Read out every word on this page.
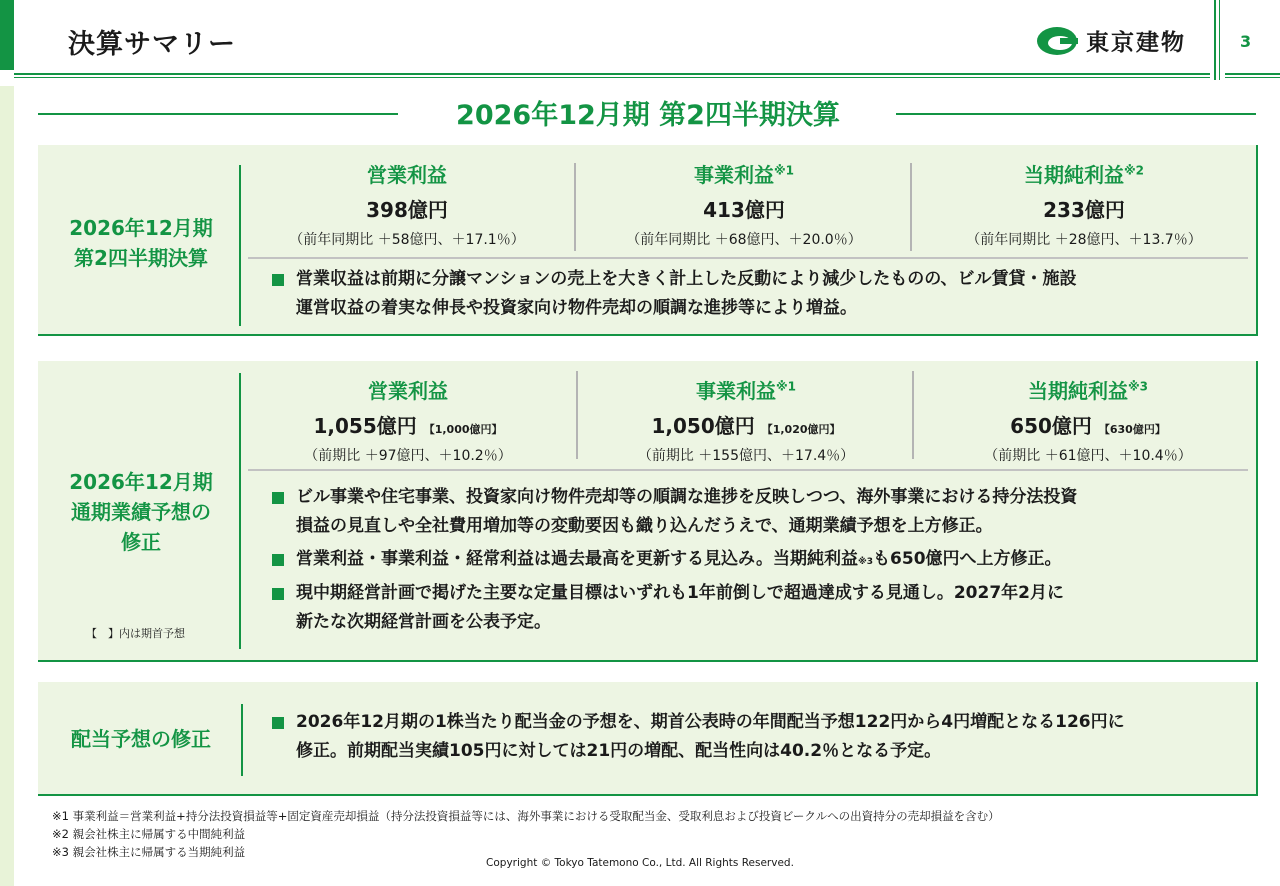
決算サマリー	東京建物	3
2026年12月期 第2四半期決算
2026年12月期
第2四半期決算
営業利益
398億円
（前年同期比 ＋58億円、＋17.1％）
事業利益$^{※1}$
413億円
（前年同期比 ＋68億円、＋20.0％）
当期純利益$^{※2}$
233億円
（前年同期比 ＋28億円、＋13.7％）
営業収益は前期に分譲マンションの売上を大きく計上した反動により減少したものの、ビル賃貸・施設
運営収益の着実な伸長や投資家向け物件売却の順調な進捗等により増益。
2026年12月期
通期業績予想の
修正
【　】内は期首予想
営業利益
1,055億円 【1,000億円】
（前期比 ＋97億円、＋10.2％）
事業利益$^{※1}$
1,050億円 【1,020億円】
（前期比 ＋155億円、＋17.4％）
当期純利益$^{※3}$
650億円 【630億円】
（前期比 ＋61億円、＋10.4％）
ビル事業や住宅事業、投資家向け物件売却等の順調な進捗を反映しつつ、海外事業における持分法投資
損益の見直しや全社費用増加等の変動要因も織り込んだうえで、通期業績予想を上方修正。
営業利益・事業利益・経常利益は過去最高を更新する見込み。当期純利益※3も650億円へ上方修正。
現中期経営計画で掲げた主要な定量目標はいずれも1年前倒しで超過達成する見通し。2027年2月に
新たな次期経営計画を公表予定。
配当予想の修正
2026年12月期の1株当たり配当金の予想を、期首公表時の年間配当予想122円から4円増配となる126円に
修正。前期配当実績105円に対しては21円の増配、配当性向は40.2％となる予定。
※1 事業利益＝営業利益+持分法投資損益等+固定資産売却損益（持分法投資損益等には、海外事業における受取配当金、受取利息および投資ビークルへの出資持分の売却損益を含む）
※2 親会社株主に帰属する中間純利益
※3 親会社株主に帰属する当期純利益
Copyright © Tokyo Tatemono Co., Ltd. All Rights Reserved.
